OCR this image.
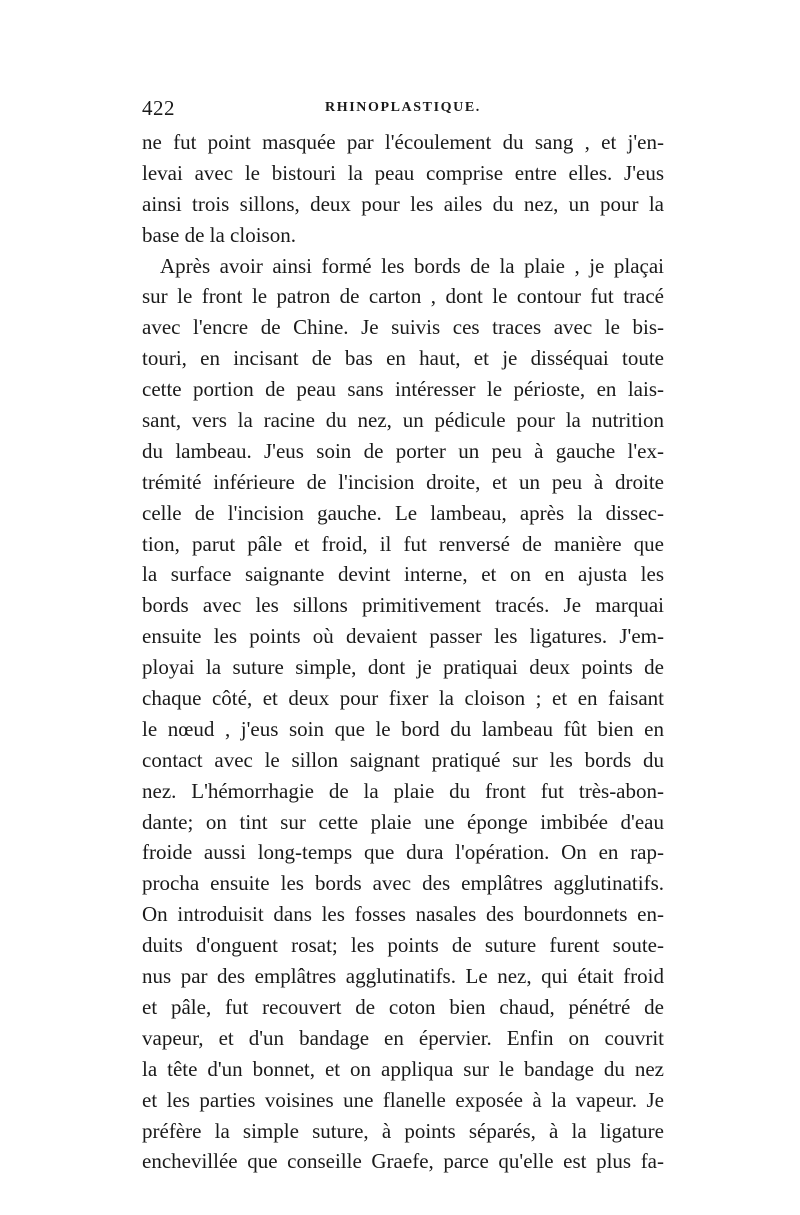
422	RHINOPLASTIQUE.
ne fut point masquée par l'écoulement du sang , et j'en-
levai avec le bistouri la peau comprise entre elles. J'eus
ainsi trois sillons, deux pour les ailes du nez, un pour la
base de la cloison.
Après avoir ainsi formé les bords de la plaie , je plaçai
sur le front le patron de carton , dont le contour fut tracé
avec l'encre de Chine. Je suivis ces traces avec le bis-
touri, en incisant de bas en haut, et je disséquai toute
cette portion de peau sans intéresser le périoste, en lais-
sant, vers la racine du nez, un pédicule pour la nutrition
du lambeau. J'eus soin de porter un peu à gauche l'ex-
trémité inférieure de l'incision droite, et un peu à droite
celle de l'incision gauche. Le lambeau, après la dissec-
tion, parut pâle et froid, il fut renversé de manière que
la surface saignante devint interne, et on en ajusta les
bords avec les sillons primitivement tracés. Je marquai
ensuite les points où devaient passer les ligatures. J'em-
ployai la suture simple, dont je pratiquai deux points de
chaque côté, et deux pour fixer la cloison ; et en faisant
le nœud , j'eus soin que le bord du lambeau fût bien en
contact avec le sillon saignant pratiqué sur les bords du
nez. L'hémorrhagie de la plaie du front fut très-abon-
dante; on tint sur cette plaie une éponge imbibée d'eau
froide aussi long-temps que dura l'opération. On en rap-
procha ensuite les bords avec des emplâtres agglutinatifs.
On introduisit dans les fosses nasales des bourdonnets en-
duits d'onguent rosat; les points de suture furent soute-
nus par des emplâtres agglutinatifs. Le nez, qui était froid
et pâle, fut recouvert de coton bien chaud, pénétré de
vapeur, et d'un bandage en épervier. Enfin on couvrit
la tête d'un bonnet, et on appliqua sur le bandage du nez
et les parties voisines une flanelle exposée à la vapeur. Je
préfère la simple suture, à points séparés, à la ligature
enchevillée que conseille Graefe, parce qu'elle est plus fa-
